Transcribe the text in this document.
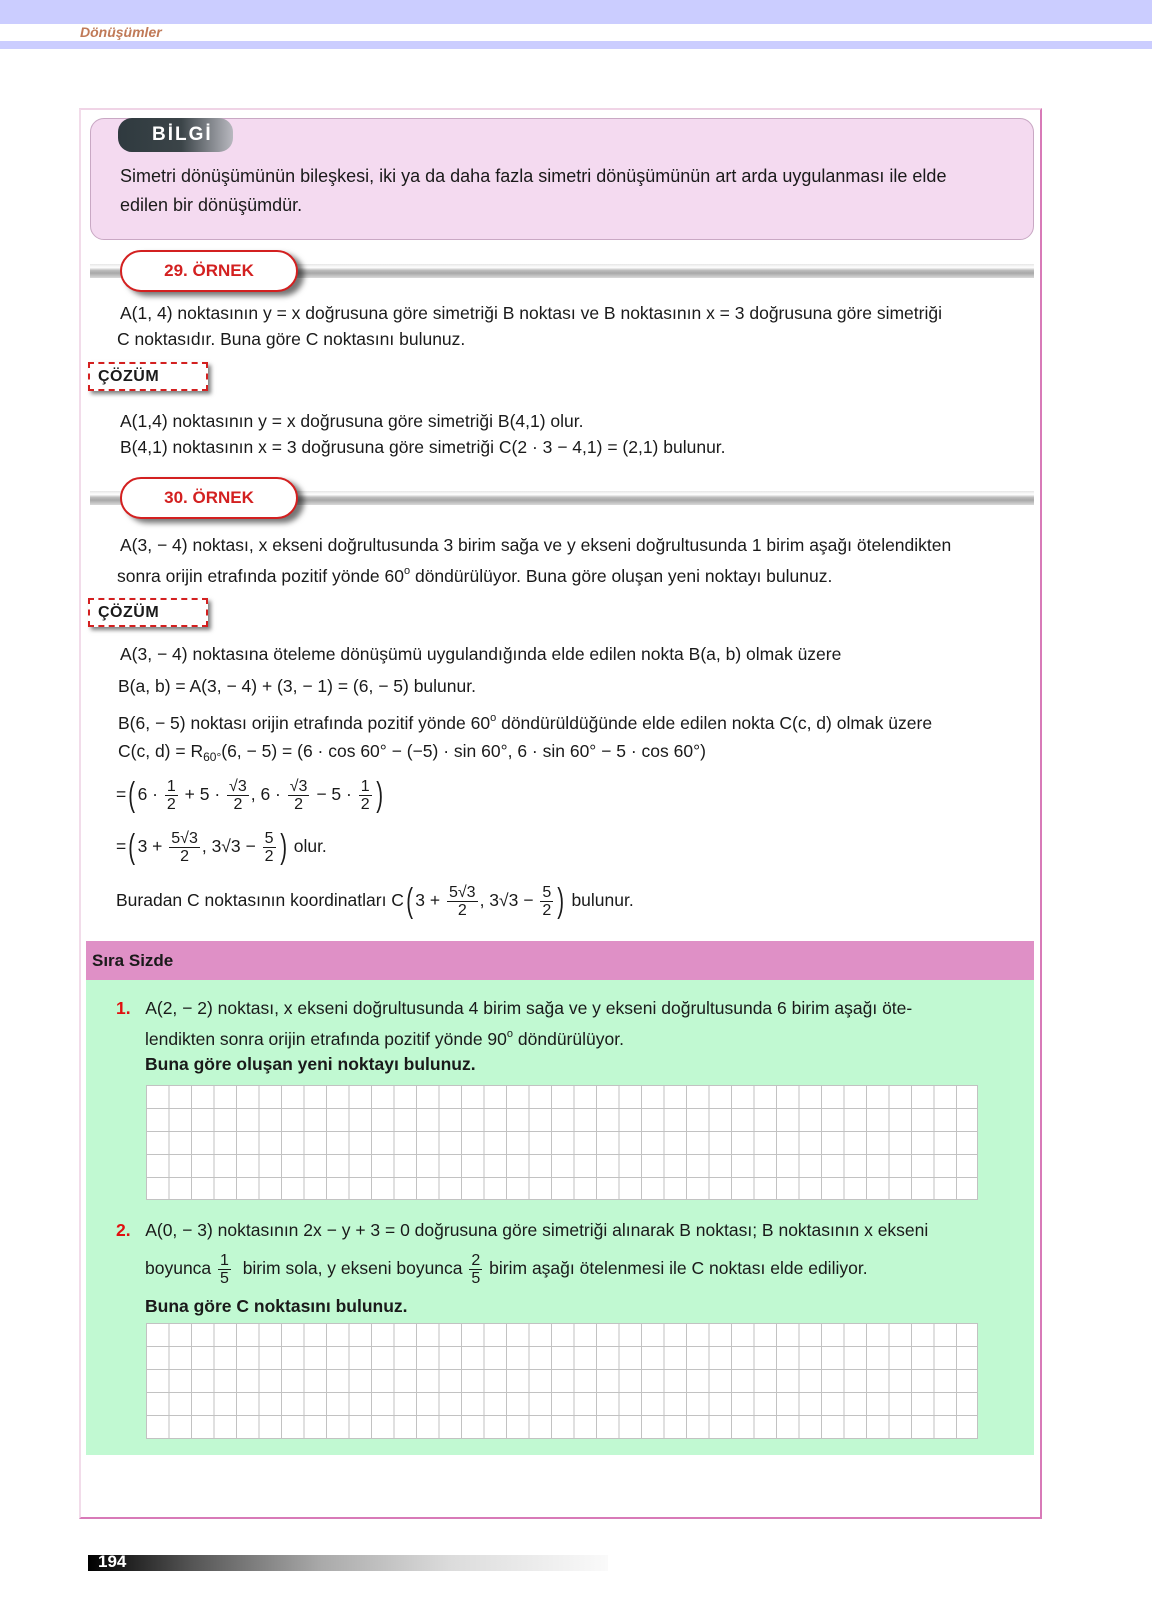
Dönüşümler
BİLGİ
Simetri dönüşümünün bileşkesi, iki ya da daha fazla simetri dönüşümünün art arda uygulanması ile elde
edilen bir dönüşümdür.
29. ÖRNEK
A(1, 4) noktasının y = x doğrusuna göre simetriği B noktası ve B noktasının x = 3 doğrusuna göre simetriği
C noktasıdır. Buna göre C noktasını bulunuz.
ÇÖZÜM
A(1,4) noktasının y = x doğrusuna göre simetriği B(4,1) olur.
B(4,1) noktasının x = 3 doğrusuna göre simetriği C(2 · 3 − 4,1) = (2,1) bulunur.
30. ÖRNEK
A(3, − 4) noktası, x ekseni doğrultusunda 3 birim sağa ve y ekseni doğrultusunda 1 birim aşağı ötelendikten
sonra orijin etrafında pozitif yönde 60$^o$ döndürülüyor. Buna göre oluşan yeni noktayı bulunuz.
ÇÖZÜM
A(3, − 4) noktasına öteleme dönüşümü uygulandığında elde edilen nokta B(a, b) olmak üzere
B(a, b) = A(3, − 4) + (3, − 1) = (6, − 5) bulunur.
B(6, − 5) noktası orijin etrafında pozitif yönde 60$^o$ döndürüldüğünde elde edilen nokta C(c, d) olmak üzere
C(c, $d) = R_{60^\circ}(6$, − 5) = (6 · cos 60° − (−5) · sin 60°, 6 · sin 60° − 5 · cos 60°)
=( $6 \cdot \frac{1}{2} + 5 \cdot \frac{√3}{2}$ , $6 \cdot \frac{√3}{2} - 5 \cdot \frac{1}{2}$ )
=( $3 + \frac{5√3}{2}$ , $3√3 - \frac{5}{2}$ ) olur.
Buradan C noktasının koordinatları C( $3 + \frac{5√3}{2}$ , $3√3 - \frac{5}{2}$ ) bulunur.
Sıra Sizde
1. A(2, − 2) noktası, x ekseni doğrultusunda 4 birim sağa ve y ekseni doğrultusunda 6 birim aşağı öte-
lendikten sonra orijin etrafında pozitif yönde 90$^o$ döndürülüyor.
Buna göre oluşan yeni noktayı bulunuz.
2. A(0, − 3) noktasının 2x − y + 3 = 0 doğrusuna göre simetriği alınarak B noktası; B noktasının x ekseni
boyunca $\frac{1}{5}$ birim sola, y ekseni boyunca $\frac{2}{5}$ birim aşağı ötelenmesi ile C noktası elde ediliyor.
Buna göre C noktasını bulunuz.
194
